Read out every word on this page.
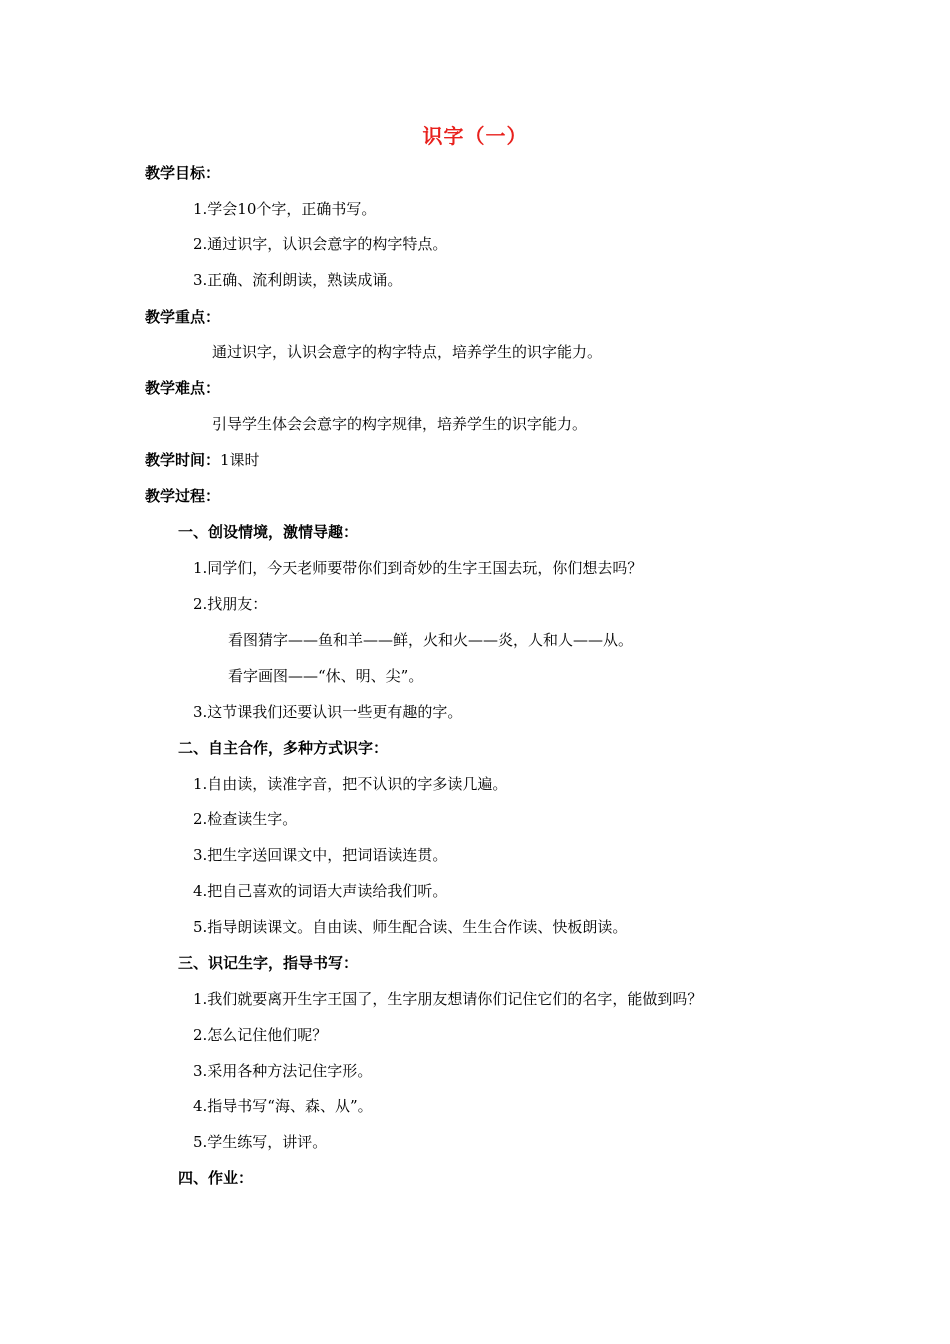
识字（一）
教学目标：
1.学会10个字，正确书写。
2.通过识字，认识会意字的构字特点。
3.正确、流利朗读，熟读成诵。
教学重点：
通过识字，认识会意字的构字特点，培养学生的识字能力。
教学难点：
引导学生体会会意字的构字规律，培养学生的识字能力。
教学时间：1课时
教学过程：
一、创设情境，激情导趣：
1.同学们，今天老师要带你们到奇妙的生字王国去玩，你们想去吗？
2.找朋友：
看图猜字——鱼和羊——鲜，火和火——炎，人和人——从。
看字画图——“休、明、尖”。
3.这节课我们还要认识一些更有趣的字。
二、自主合作，多种方式识字：
1.自由读，读准字音，把不认识的字多读几遍。
2.检查读生字。
3.把生字送回课文中，把词语读连贯。
4.把自己喜欢的词语大声读给我们听。
5.指导朗读课文。自由读、师生配合读、生生合作读、快板朗读。
三、识记生字，指导书写：
1.我们就要离开生字王国了，生字朋友想请你们记住它们的名字，能做到吗？
2.怎么记住他们呢？
3.采用各种方法记住字形。
4.指导书写“海、森、从”。
5.学生练写，讲评。
四、作业：
